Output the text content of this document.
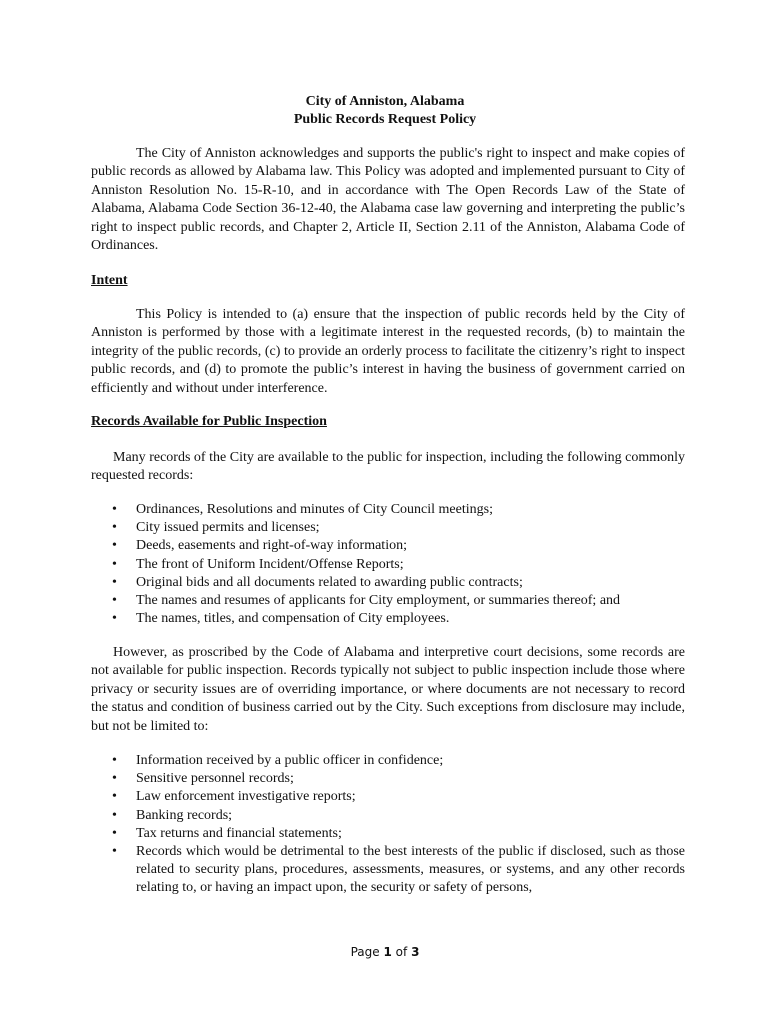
City of Anniston, Alabama
Public Records Request Policy

The City of Anniston acknowledges and supports the public's right to inspect and make copies of public records as allowed by Alabama law. This Policy was adopted and implemented pursuant to City of Anniston Resolution No. 15-R-10, and in accordance with The Open Records Law of the State of Alabama, Alabama Code Section 36-12-40, the Alabama case law governing and interpreting the public’s right to inspect public records, and Chapter 2, Article II, Section 2.11 of the Anniston, Alabama Code of Ordinances.

Intent

This Policy is intended to (a) ensure that the inspection of public records held by the City of Anniston is performed by those with a legitimate interest in the requested records, (b) to maintain the integrity of the public records, (c) to provide an orderly process to facilitate the citizenry’s right to inspect public records, and (d) to promote the public’s interest in having the business of government carried on efficiently and without under interference.

Records Available for Public Inspection

Many records of the City are available to the public for inspection, including the following commonly requested records:

• Ordinances, Resolutions and minutes of City Council meetings;
• City issued permits and licenses;
• Deeds, easements and right-of-way information;
• The front of Uniform Incident/Offense Reports;
• Original bids and all documents related to awarding public contracts;
• The names and resumes of applicants for City employment, or summaries thereof; and
• The names, titles, and compensation of City employees.

However, as proscribed by the Code of Alabama and interpretive court decisions, some records are not available for public inspection. Records typically not subject to public inspection include those where privacy or security issues are of overriding importance, or where documents are not necessary to record the status and condition of business carried out by the City. Such exceptions from disclosure may include, but not be limited to:

• Information received by a public officer in confidence;
• Sensitive personnel records;
• Law enforcement investigative reports;
• Banking records;
• Tax returns and financial statements;
• Records which would be detrimental to the best interests of the public if disclosed, such as those related to security plans, procedures, assessments, measures, or systems, and any other records relating to, or having an impact upon, the security or safety of persons,
Page 1 of 3
